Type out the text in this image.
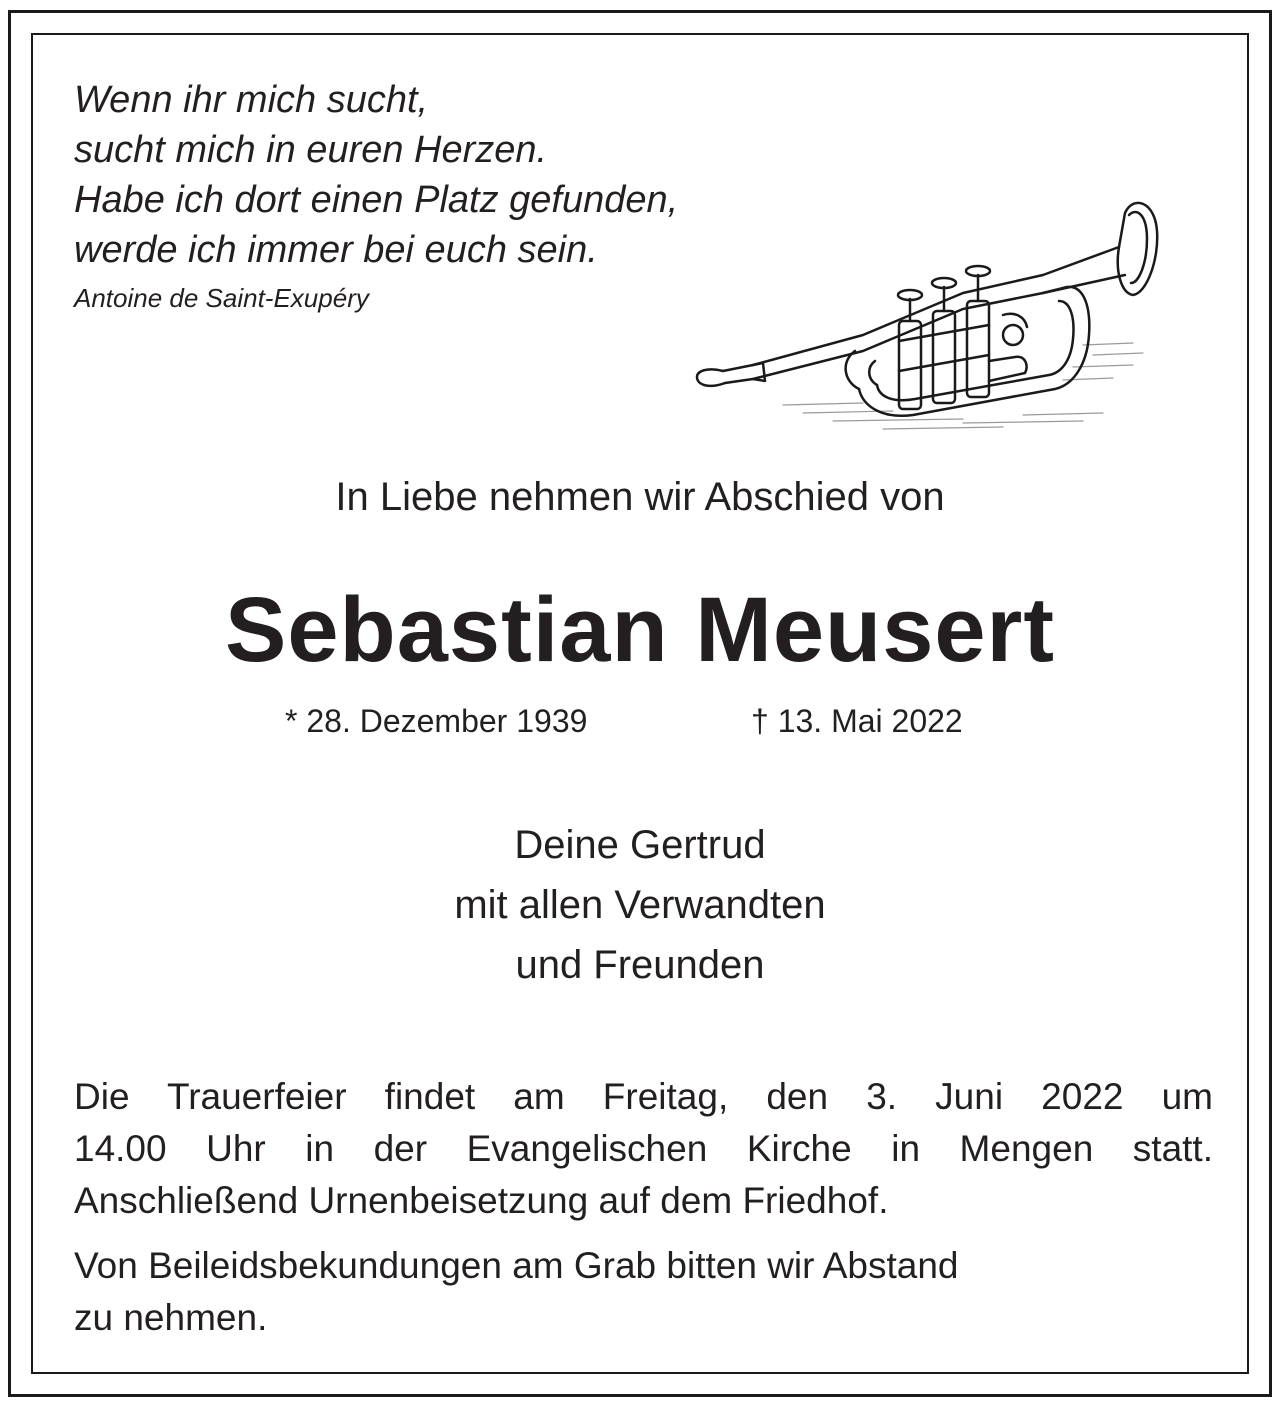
Wenn ihr mich sucht,
sucht mich in euren Herzen.
Habe ich dort einen Platz gefunden,
werde ich immer bei euch sein.
Antoine de Saint-Exupéry
In Liebe nehmen wir Abschied von
Sebastian Meusert
* 28. Dezember 1939	† 13. Mai 2022
Deine Gertrud
mit allen Verwandten
und Freunden
Die Trauerfeier findet am Freitag, den 3. Juni 2022 um
14.00 Uhr in der Evangelischen Kirche in Mengen statt.
Anschließend Urnenbeisetzung auf dem Friedhof.
Von Beileidsbekundungen am Grab bitten wir Abstand
zu nehmen.
